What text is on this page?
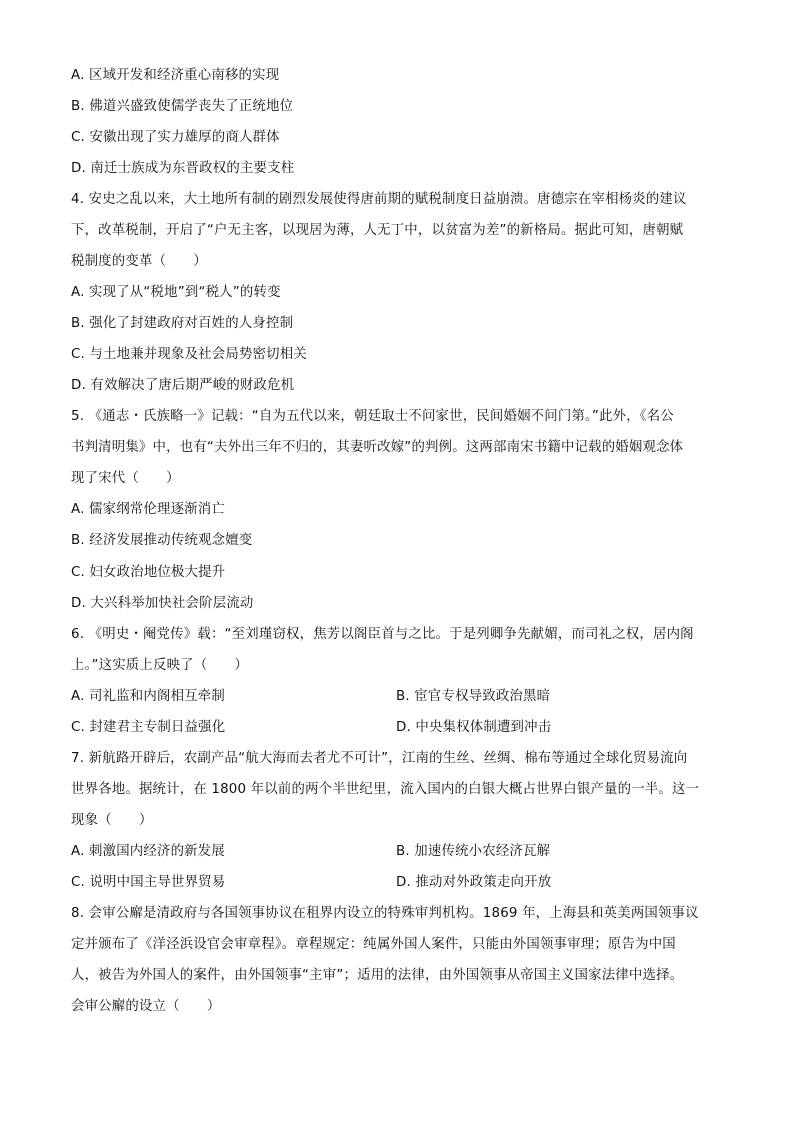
A. 区域开发和经济重心南移的实现
B. 佛道兴盛致使儒学丧失了正统地位
C. 安徽出现了实力雄厚的商人群体
D. 南迁士族成为东晋政权的主要支柱
4. 安史之乱以来，大土地所有制的剧烈发展使得唐前期的赋税制度日益崩溃。唐德宗在宰相杨炎的建议
下，改革税制，开启了“户无主客，以现居为薄，人无丁中，以贫富为差”的新格局。据此可知，唐朝赋
税制度的变革（　　）
A. 实现了从“税地”到“税人”的转变
B. 强化了封建政府对百姓的人身控制
C. 与土地兼并现象及社会局势密切相关
D. 有效解决了唐后期严峻的财政危机
5. 《通志・氏族略一》记载：“自为五代以来，朝廷取士不问家世，民间婚姻不问门第。”此外，《名公
书判清明集》中，也有“夫外出三年不归的，其妻听改嫁”的判例。这两部南宋书籍中记载的婚姻观念体
现了宋代（　　）
A. 儒家纲常伦理逐渐消亡
B. 经济发展推动传统观念嬗变
C. 妇女政治地位极大提升
D. 大兴科举加快社会阶层流动
6. 《明史・阉党传》载：“至刘瑾窃权，焦芳以阁臣首与之比。于是列卿争先献媚，而司礼之权，居内阁
上。”这实质上反映了（　　）
A. 司礼监和内阁相互牵制	B. 宦官专权导致政治黑暗
C. 封建君主专制日益强化	D. 中央集权体制遭到冲击
7. 新航路开辟后，农副产品“航大海而去者尤不可计”，江南的生丝、丝绸、棉布等通过全球化贸易流向
世界各地。据统计，在 1800 年以前的两个半世纪里，流入国内的白银大概占世界白银产量的一半。这一
现象（　　）
A. 刺激国内经济的新发展	B. 加速传统小农经济瓦解
C. 说明中国主导世界贸易	D. 推动对外政策走向开放
8. 会审公廨是清政府与各国领事协议在租界内设立的特殊审判机构。1869 年，上海县和英美两国领事议
定并颁布了《洋泾浜设官会审章程》。章程规定：纯属外国人案件，只能由外国领事审理；原告为中国
人，被告为外国人的案件，由外国领事“主审”；适用的法律，由外国领事从帝国主义国家法律中选择。
会审公廨的设立（　　）
